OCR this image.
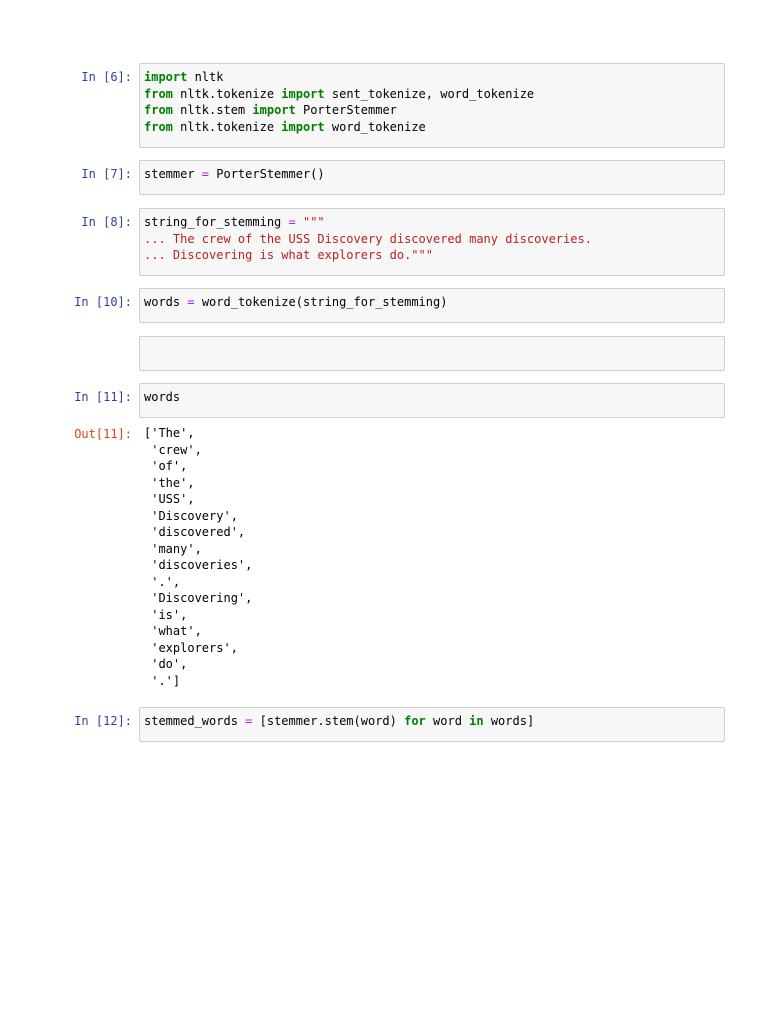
In [6]: import nltk
from nltk.tokenize import sent_tokenize, word_tokenize
from nltk.stem import PorterStemmer
from nltk.tokenize import word_tokenize
In [7]: stemmer = PorterStemmer()
In [8]: string_for_stemming = """
... The crew of the USS Discovery discovered many discoveries.
... Discovering is what explorers do."""
In [10]: words = word_tokenize(string_for_stemming)
In [11]: words
Out[11]: ['The',
'crew',
'of',
'the',
'USS',
'Discovery',
'discovered',
'many',
'discoveries',
'.',
'Discovering',
'is',
'what',
'explorers',
'do',
'.']
In [12]: stemmed_words = [stemmer.stem(word) for word in words]
